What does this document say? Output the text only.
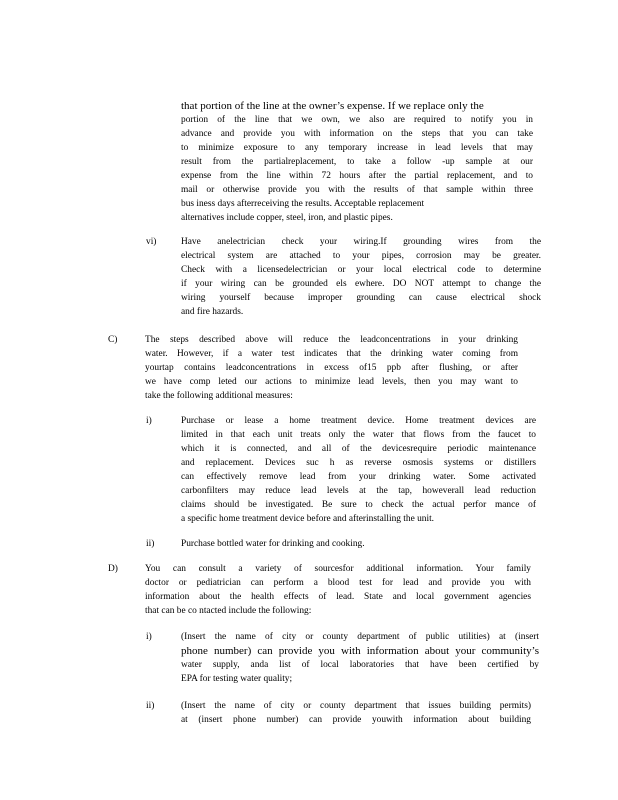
that portion of the line at the owner’s expense. If we replace only the
portion of the line that we own, we also are required to notify you in
advance and provide you with information on the steps that you can take
to minimize exposure to any temporary increase in lead levels that may
result from the partialreplacement, to take a follow -up sample at our
expense from the line within 72 hours after the partial replacement, and to
mail or otherwise provide you with the results of that sample within three
bus iness days afterreceiving the results. Acceptable replacement
alternatives include copper, steel, iron, and plastic pipes.
vi)	Have anelectrician check your wiring.If grounding wires from the
electrical system are attached to your pipes, corrosion may be greater.
Check with a licensedelectrician or your local electrical code to determine
if your wiring can be grounded els ewhere. DO NOT attempt to change the
wiring yourself because improper grounding can cause electrical shock
and fire hazards.
C)	The steps described above will reduce the leadconcentrations in your drinking
water. However, if a water test indicates that the drinking water coming from
yourtap contains leadconcentrations in excess of15 ppb after flushing, or after
we have comp leted our actions to minimize lead levels, then you may want to
take the following additional measures:
i)	Purchase or lease a home treatment device. Home treatment devices are
limited in that each unit treats only the water that flows from the faucet to
which it is connected, and all of the devicesrequire periodic maintenance
and replacement. Devices suc h as reverse osmosis systems or distillers
can effectively remove lead from your drinking water. Some activated
carbonfilters may reduce lead levels at the tap, howeverall lead reduction
claims should be investigated. Be sure to check the actual perfor mance of
a specific home treatment device before and afterinstalling the unit.
ii)	Purchase bottled water for drinking and cooking.
D)	You can consult a variety of sourcesfor additional information. Your family
doctor or pediatrician can perform a blood test for lead and provide you with
information about the health effects of lead. State and local government agencies
that can be co ntacted include the following:
i)	(Insert the name of city or county department of public utilities) at (insert
phone number) can provide you with information about your community’s
water supply, anda list of local laboratories that have been certified by
EPA for testing water quality;
ii)	(Insert the name of city or county department that issues building permits)
at (insert phone number) can provide youwith information about building
